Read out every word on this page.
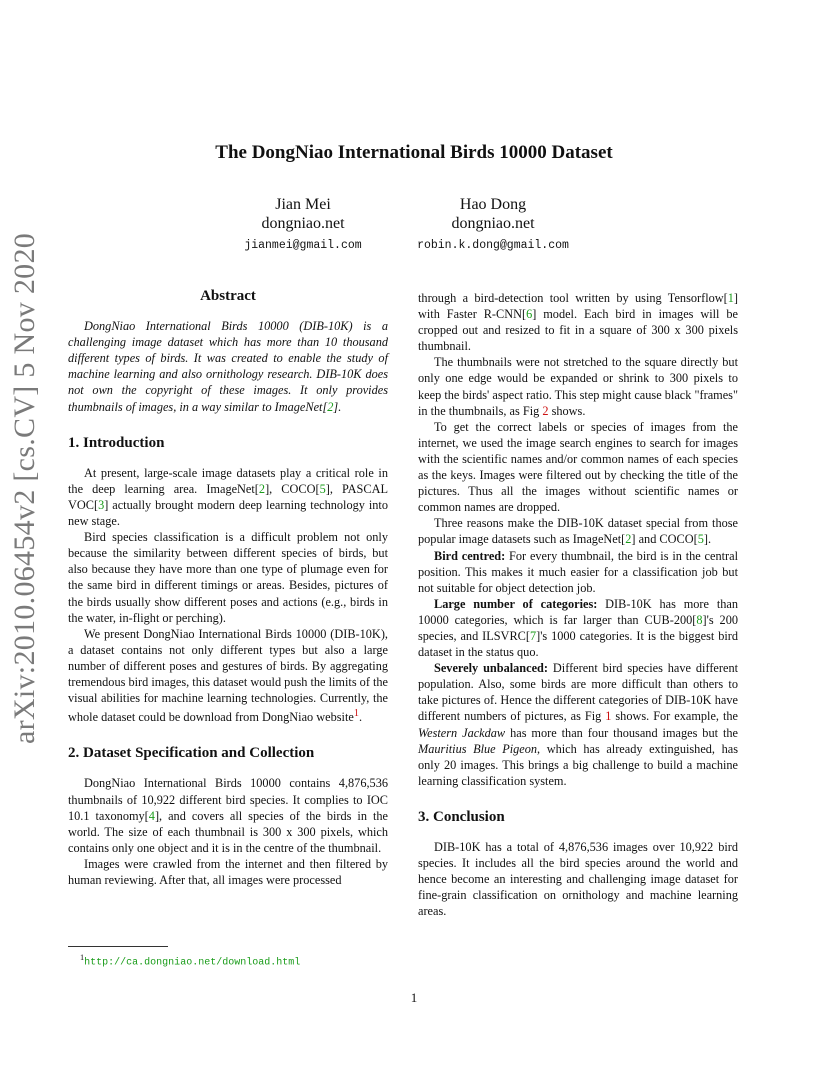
arXiv:2010.06454v2 [cs.CV] 5 Nov 2020
The DongNiao International Birds 10000 Dataset
Jian Mei
dongniao.net
jianmei@gmail.com
Hao Dong
dongniao.net
robin.k.dong@gmail.com
Abstract

DongNiao International Birds 10000 (DIB-10K) is a challenging image dataset which has more than 10 thousand different types of birds. It was created to enable the study of machine learning and also ornithology research. DIB-10K does not own the copyright of these images. It only provides thumbnails of images, in a way similar to ImageNet[2].

1. Introduction

At present, large-scale image datasets play a critical role in the deep learning area. ImageNet[2], COCO[5], PASCAL VOC[3] actually brought modern deep learning technology into new stage.

Bird species classification is a difficult problem not only because the similarity between different species of birds, but also because they have more than one type of plumage even for the same bird in different timings or areas. Besides, pictures of the birds usually show different poses and actions (e.g., birds in the water, in-flight or perching).

We present DongNiao International Birds 10000 (DIB-10K), a dataset contains not only different types but also a large number of different poses and gestures of birds. By aggregating tremendous bird images, this dataset would push the limits of the visual abilities for machine learning technologies. Currently, the whole dataset could be download from DongNiao website$^1$.

2. Dataset Specification and Collection

DongNiao International Birds 10000 contains 4,876,536 thumbnails of 10,922 different bird species. It complies to IOC 10.1 taxonomy[4], and covers all species of the birds in the world. The size of each thumbnail is 300 x 300 pixels, which contains only one object and it is in the centre of the thumbnail.

Images were crawled from the internet and then filtered by human reviewing. After that, all images were processed

through a bird-detection tool written by using Tensorflow[1] with Faster R-CNN[6] model. Each bird in images will be cropped out and resized to fit in a square of 300 x 300 pixels thumbnail.

The thumbnails were not stretched to the square directly but only one edge would be expanded or shrink to 300 pixels to keep the birds' aspect ratio. This step might cause black "frames" in the thumbnails, as Fig 2 shows.

To get the correct labels or species of images from the internet, we used the image search engines to search for images with the scientific names and/or common names of each species as the keys. Images were filtered out by checking the title of the pictures. Thus all the images without scientific names or common names are dropped.

Three reasons make the DIB-10K dataset special from those popular image datasets such as ImageNet[2] and COCO[5].

Bird centred: For every thumbnail, the bird is in the central position. This makes it much easier for a classification job but not suitable for object detection job.

Large number of categories: DIB-10K has more than 10000 categories, which is far larger than CUB-200[8]'s 200 species, and ILSVRC[7]'s 1000 categories. It is the biggest bird dataset in the status quo.

Severely unbalanced: Different bird species have different population. Also, some birds are more difficult than others to take pictures of. Hence the different categories of DIB-10K have different numbers of pictures, as Fig 1 shows. For example, the Western Jackdaw has more than four thousand images but the Mauritius Blue Pigeon, which has already extinguished, has only 20 images. This brings a big challenge to build a machine learning classification system.

3. Conclusion

DIB-10K has a total of 4,876,536 images over 10,922 bird species. It includes all the bird species around the world and hence become an interesting and challenging image dataset for fine-grain classification on ornithology and machine learning areas.

$^1$http://ca.dongniao.net/download.html
1
